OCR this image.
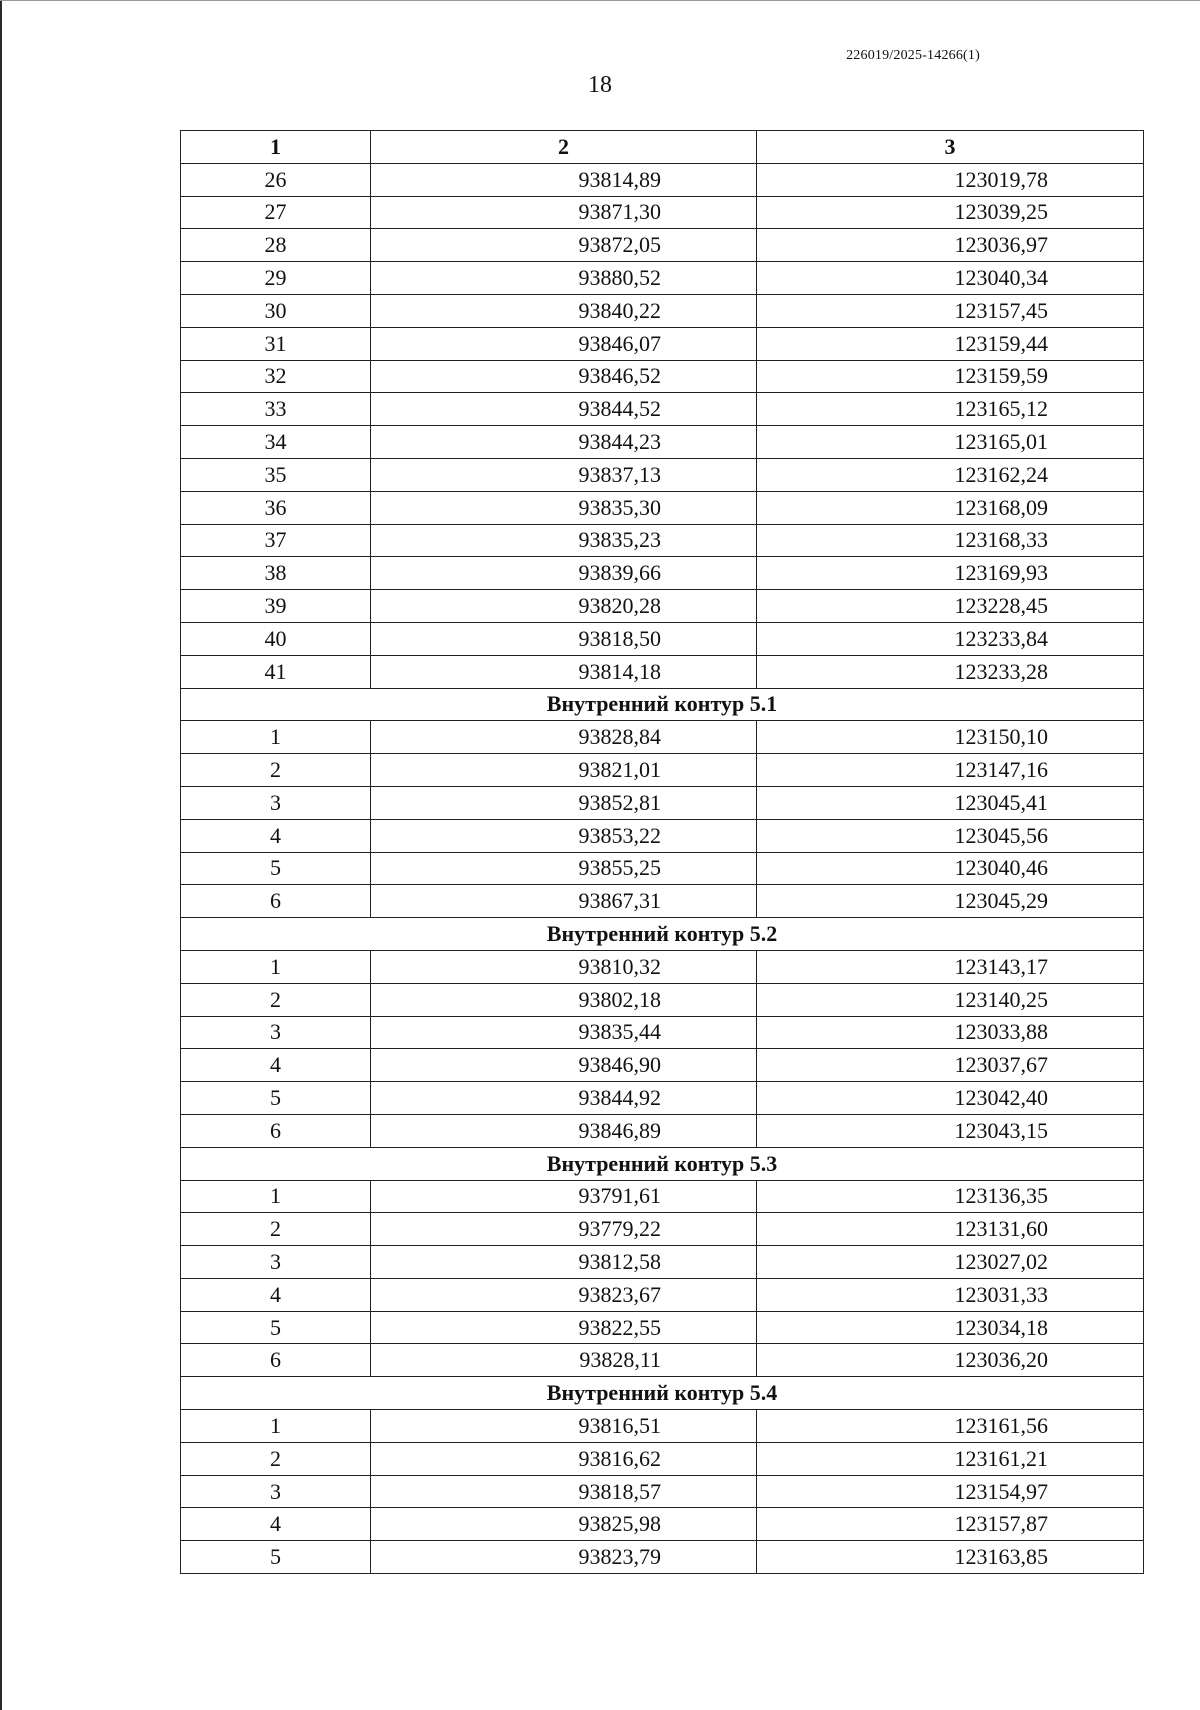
226019/2025-14266(1)
18
1	2	3
26	93814,89	123019,78
27	93871,30	123039,25
28	93872,05	123036,97
29	93880,52	123040,34
30	93840,22	123157,45
31	93846,07	123159,44
32	93846,52	123159,59
33	93844,52	123165,12
34	93844,23	123165,01
35	93837,13	123162,24
36	93835,30	123168,09
37	93835,23	123168,33
38	93839,66	123169,93
39	93820,28	123228,45
40	93818,50	123233,84
41	93814,18	123233,28
Внутренний контур 5.1		
1	93828,84	123150,10
2	93821,01	123147,16
3	93852,81	123045,41
4	93853,22	123045,56
5	93855,25	123040,46
6	93867,31	123045,29
Внутренний контур 5.2		
1	93810,32	123143,17
2	93802,18	123140,25
3	93835,44	123033,88
4	93846,90	123037,67
5	93844,92	123042,40
6	93846,89	123043,15
Внутренний контур 5.3		
1	93791,61	123136,35
2	93779,22	123131,60
3	93812,58	123027,02
4	93823,67	123031,33
5	93822,55	123034,18
6	93828,11	123036,20
Внутренний контур 5.4		
1	93816,51	123161,56
2	93816,62	123161,21
3	93818,57	123154,97
4	93825,98	123157,87
5	93823,79	123163,85
